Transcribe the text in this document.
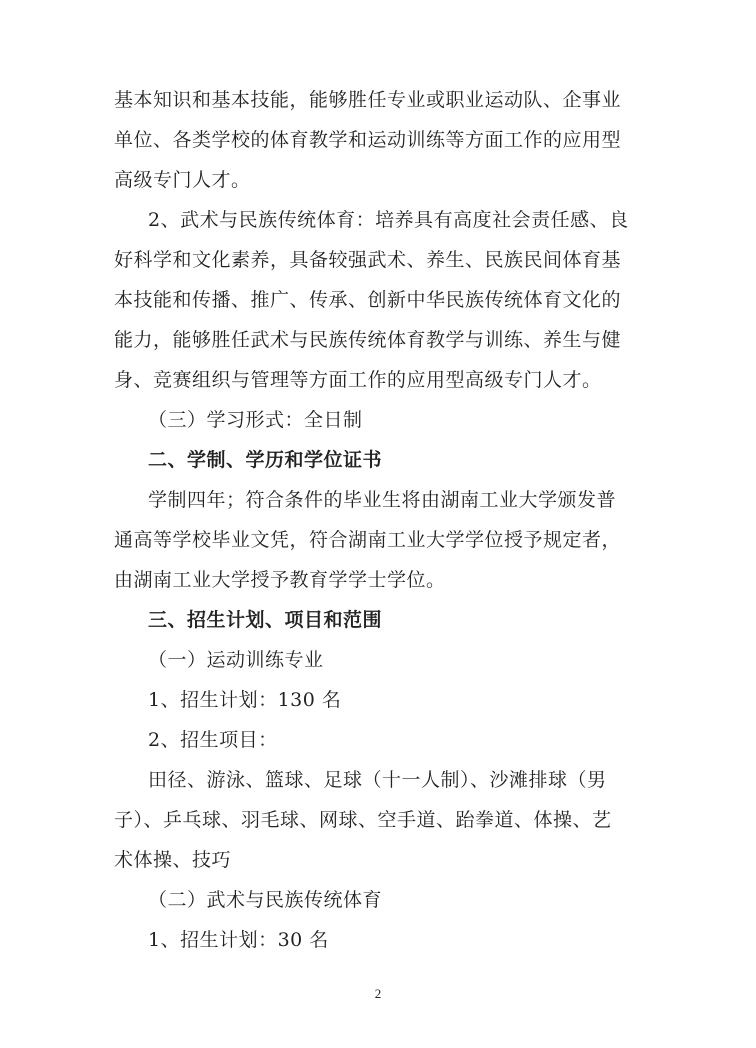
基本知识和基本技能，能够胜任专业或职业运动队、企事业
单位、各类学校的体育教学和运动训练等方面工作的应用型
高级专门人才。
2、武术与民族传统体育：培养具有高度社会责任感、良
好科学和文化素养，具备较强武术、养生、民族民间体育基
本技能和传播、推广、传承、创新中华民族传统体育文化的
能力，能够胜任武术与民族传统体育教学与训练、养生与健
身、竞赛组织与管理等方面工作的应用型高级专门人才。
（三）学习形式：全日制
二、学制、学历和学位证书
学制四年；符合条件的毕业生将由湖南工业大学颁发普
通高等学校毕业文凭，符合湖南工业大学学位授予规定者，
由湖南工业大学授予教育学学士学位。
三、招生计划、项目和范围
（一）运动训练专业
1、招生计划：130 名
2、招生项目：
田径、游泳、篮球、足球（十一人制）、沙滩排球（男
子）、乒乓球、羽毛球、网球、空手道、跆拳道、体操、艺
术体操、技巧
（二）武术与民族传统体育
1、招生计划：30 名
2
